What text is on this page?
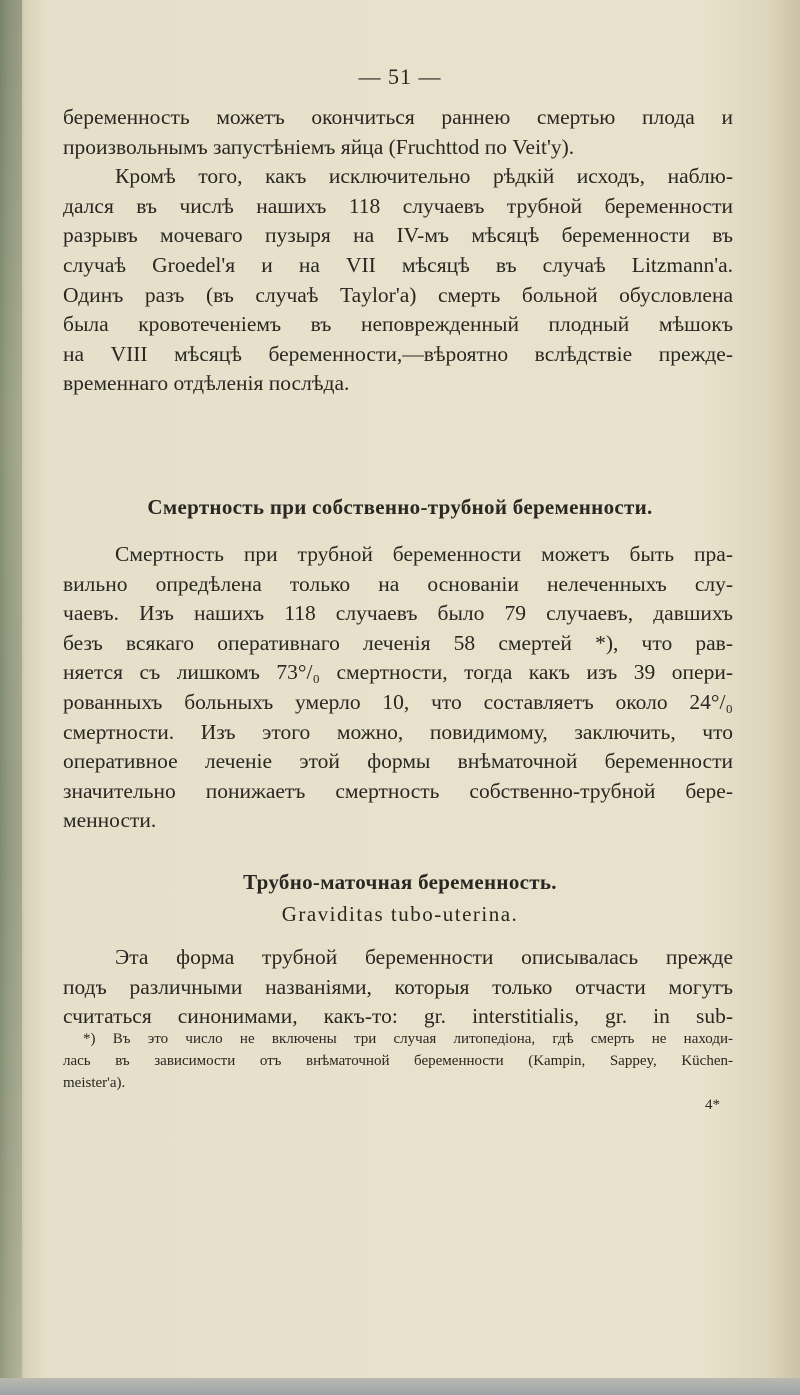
— 51 —
беременность можетъ окончиться раннею смертью плода и
произвольнымъ запустѣніемъ яйца (Fruchttod по Veit'y).
Кромѣ того, какъ исключительно рѣдкій исходъ, наблю-
дался въ числѣ нашихъ 118 случаевъ трубной беременности
разрывъ мочеваго пузыря на IV-мъ мѣсяцѣ беременности въ
случаѣ Groedel'я и на VII мѣсяцѣ въ случаѣ Litzmann'a.
Одинъ разъ (въ случаѣ Taylor'а) смерть больной обусловлена
была кровотеченіемъ въ неповрежденный плодный мѣшокъ
на VIII мѣсяцѣ беременности,—вѣроятно вслѣдствіе прежде-
временнаго отдѣленія послѣда.
Смертность при собственно-трубной беременности.
Смертность при трубной беременности можетъ быть пра-
вильно опредѣлена только на основаніи нелеченныхъ слу-
чаевъ. Изъ нашихъ 118 случаевъ было 79 случаевъ, давшихъ
безъ всякаго оперативнаго леченія 58 смертей *), что рав-
няется съ лишкомъ 73°/₀ смертности, тогда какъ изъ 39 опери-
рованныхъ больныхъ умерло 10, что составляетъ около 24°/₀
смертности. Изъ этого можно, повидимому, заключить, что
оперативное леченіе этой формы внѣматочной беременности
значительно понижаетъ смертность собственно-трубной бере-
менности.
Трубно-маточная беременность.
Graviditas tubo-uterina.
Эта форма трубной беременности описывалась прежде
подъ различными названіями, которыя только отчасти могутъ
считаться синонимами, какъ-то: gr. interstitialis, gr. in sub-
*) Въ это число не включены три случая литопедіона, гдѣ смерть не находи-
лась въ зависимости отъ внѣматочной беременности (Kampin, Sappey, Küchen-
meister'а).
4*
